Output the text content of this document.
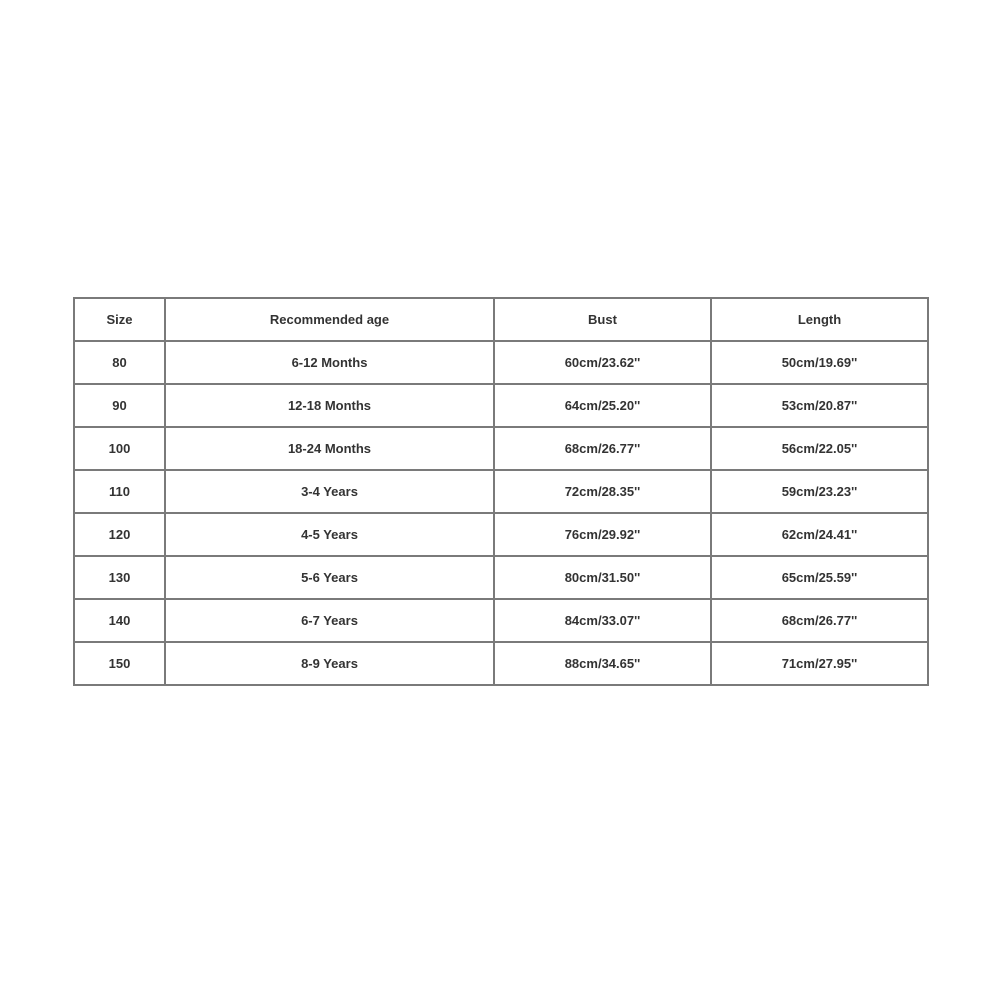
Size	Recommended age	Bust	Length
80	6-12 Months	60cm/23.62''	50cm/19.69''
90	12-18 Months	64cm/25.20''	53cm/20.87''
100	18-24 Months	68cm/26.77''	56cm/22.05''
110	3-4 Years	72cm/28.35''	59cm/23.23''
120	4-5 Years	76cm/29.92''	62cm/24.41''
130	5-6 Years	80cm/31.50''	65cm/25.59''
140	6-7 Years	84cm/33.07''	68cm/26.77''
150	8-9 Years	88cm/34.65''	71cm/27.95''
